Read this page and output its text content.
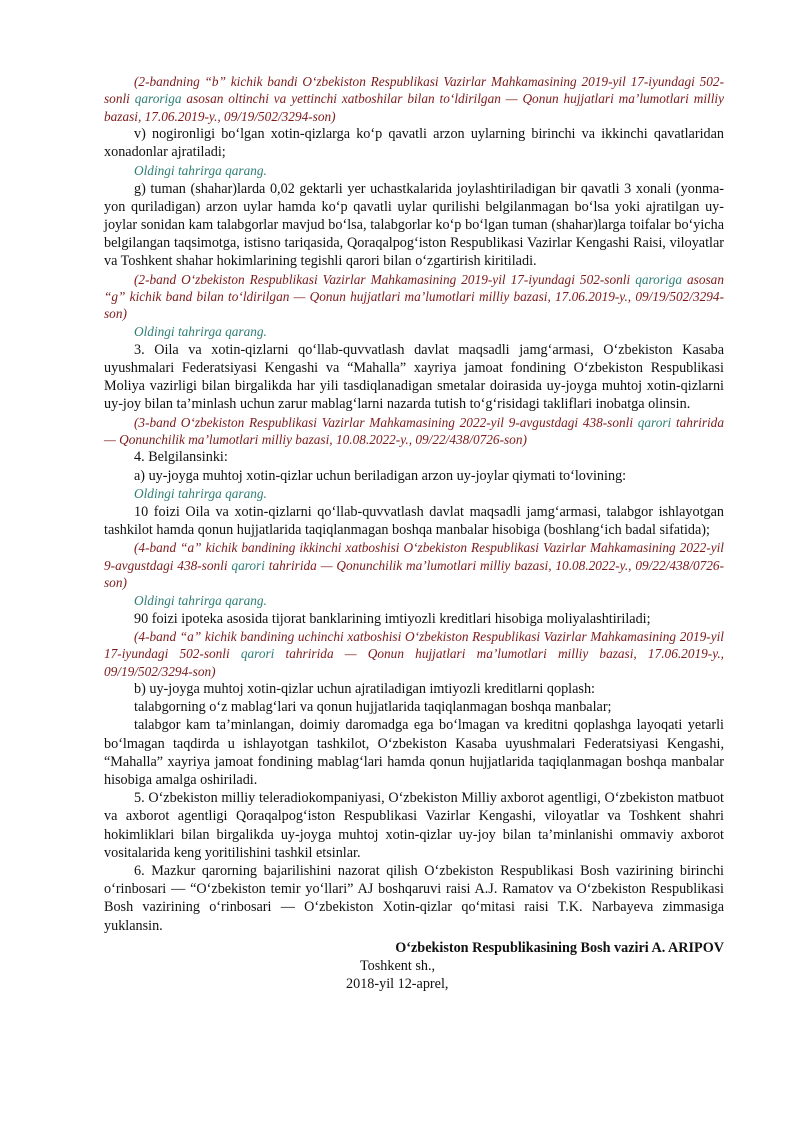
(2-bandning “b” kichik bandi O‘zbekiston Respublikasi Vazirlar Mahkamasining 2019-yil 17-iyundagi 502-sonli qaroriga asosan oltinchi va yettinchi xatboshilar bilan to‘ldirilgan — Qonun hujjatlari ma’lumotlari milliy bazasi, 17.06.2019-y., 09/19/502/3294-son)

v) nogironligi bo‘lgan xotin-qizlarga ko‘p qavatli arzon uylarning birinchi va ikkinchi qavatlaridan xonadonlar ajratiladi;

Oldingi tahrirga qarang.

g) tuman (shahar)larda 0,02 gektarli yer uchastkalarida joylashtiriladigan bir qavatli 3 xonali (yonma-yon quriladigan) arzon uylar hamda ko‘p qavatli uylar qurilishi belgilanmagan bo‘lsa yoki ajratilgan uy-joylar sonidan kam talabgorlar mavjud bo‘lsa, talabgorlar ko‘p bo‘lgan tuman (shahar)larga toifalar bo‘yicha belgilangan taqsimotga, istisno tariqasida, Qoraqalpog‘iston Respublikasi Vazirlar Kengashi Raisi, viloyatlar va Toshkent shahar hokimlarining tegishli qarori bilan o‘zgartirish kiritiladi.

(2-band O‘zbekiston Respublikasi Vazirlar Mahkamasining 2019-yil 17-iyundagi 502-sonli qaroriga asosan “g” kichik band bilan to‘ldirilgan — Qonun hujjatlari ma’lumotlari milliy bazasi, 17.06.2019-y., 09/19/502/3294-son)

Oldingi tahrirga qarang.

3. Oila va xotin-qizlarni qo‘llab-quvvatlash davlat maqsadli jamg‘armasi, O‘zbekiston Kasaba uyushmalari Federatsiyasi Kengashi va “Mahalla” xayriya jamoat fondining O‘zbekiston Respublikasi Moliya vazirligi bilan birgalikda har yili tasdiqlanadigan smetalar doirasida uy-joyga muhtoj xotin-qizlarni uy-joy bilan ta’minlash uchun zarur mablag‘larni nazarda tutish to‘g‘risidagi takliflari inobatga olinsin.

(3-band O‘zbekiston Respublikasi Vazirlar Mahkamasining 2022-yil 9-avgustdagi 438-sonli qarori tahririda — Qonunchilik ma’lumotlari milliy bazasi, 10.08.2022-y., 09/22/438/0726-son)

4. Belgilansinki:

a) uy-joyga muhtoj xotin-qizlar uchun beriladigan arzon uy-joylar qiymati to‘lovining:

Oldingi tahrirga qarang.

10 foizi Oila va xotin-qizlarni qo‘llab-quvvatlash davlat maqsadli jamg‘armasi, talabgor ishlayotgan tashkilot hamda qonun hujjatlarida taqiqlanmagan boshqa manbalar hisobiga (boshlang‘ich badal sifatida);

(4-band “a” kichik bandining ikkinchi xatboshisi O‘zbekiston Respublikasi Vazirlar Mahkamasining 2022-yil 9-avgustdagi 438-sonli qarori tahririda — Qonunchilik ma’lumotlari milliy bazasi, 10.08.2022-y., 09/22/438/0726-son)

Oldingi tahrirga qarang.

90 foizi ipoteka asosida tijorat banklarining imtiyozli kreditlari hisobiga moliyalashtiriladi;

(4-band “a” kichik bandining uchinchi xatboshisi O‘zbekiston Respublikasi Vazirlar Mahkamasining 2019-yil 17-iyundagi 502-sonli qarori tahririda — Qonun hujjatlari ma’lumotlari milliy bazasi, 17.06.2019-y., 09/19/502/3294-son)

b) uy-joyga muhtoj xotin-qizlar uchun ajratiladigan imtiyozli kreditlarni qoplash:

talabgorning o‘z mablag‘lari va qonun hujjatlarida taqiqlanmagan boshqa manbalar;

talabgor kam ta’minlangan, doimiy daromadga ega bo‘lmagan va kreditni qoplashga layoqati yetarli bo‘lmagan taqdirda u ishlayotgan tashkilot, O‘zbekiston Kasaba uyushmalari Federatsiyasi Kengashi, “Mahalla” xayriya jamoat fondining mablag‘lari hamda qonun hujjatlarida taqiqlanmagan boshqa manbalar hisobiga amalga oshiriladi.

5. O‘zbekiston milliy teleradiokompaniyasi, O‘zbekiston Milliy axborot agentligi, O‘zbekiston matbuot va axborot agentligi Qoraqalpog‘iston Respublikasi Vazirlar Kengashi, viloyatlar va Toshkent shahri hokimliklari bilan birgalikda uy-joyga muhtoj xotin-qizlar uy-joy bilan ta’minlanishi ommaviy axborot vositalarida keng yoritilishini tashkil etsinlar.

6. Mazkur qarorning bajarilishini nazorat qilish O‘zbekiston Respublikasi Bosh vazirining birinchi o‘rinbosari — “O‘zbekiston temir yo‘llari” AJ boshqaruvi raisi A.J. Ramatov va O‘zbekiston Respublikasi Bosh vazirining o‘rinbosari — O‘zbekiston Xotin-qizlar qo‘mitasi raisi T.K. Narbayeva zimmasiga yuklansin.

O‘zbekiston Respublikasining Bosh vaziri A. ARIPOV

Toshkent sh.,

2018-yil 12-aprel,
